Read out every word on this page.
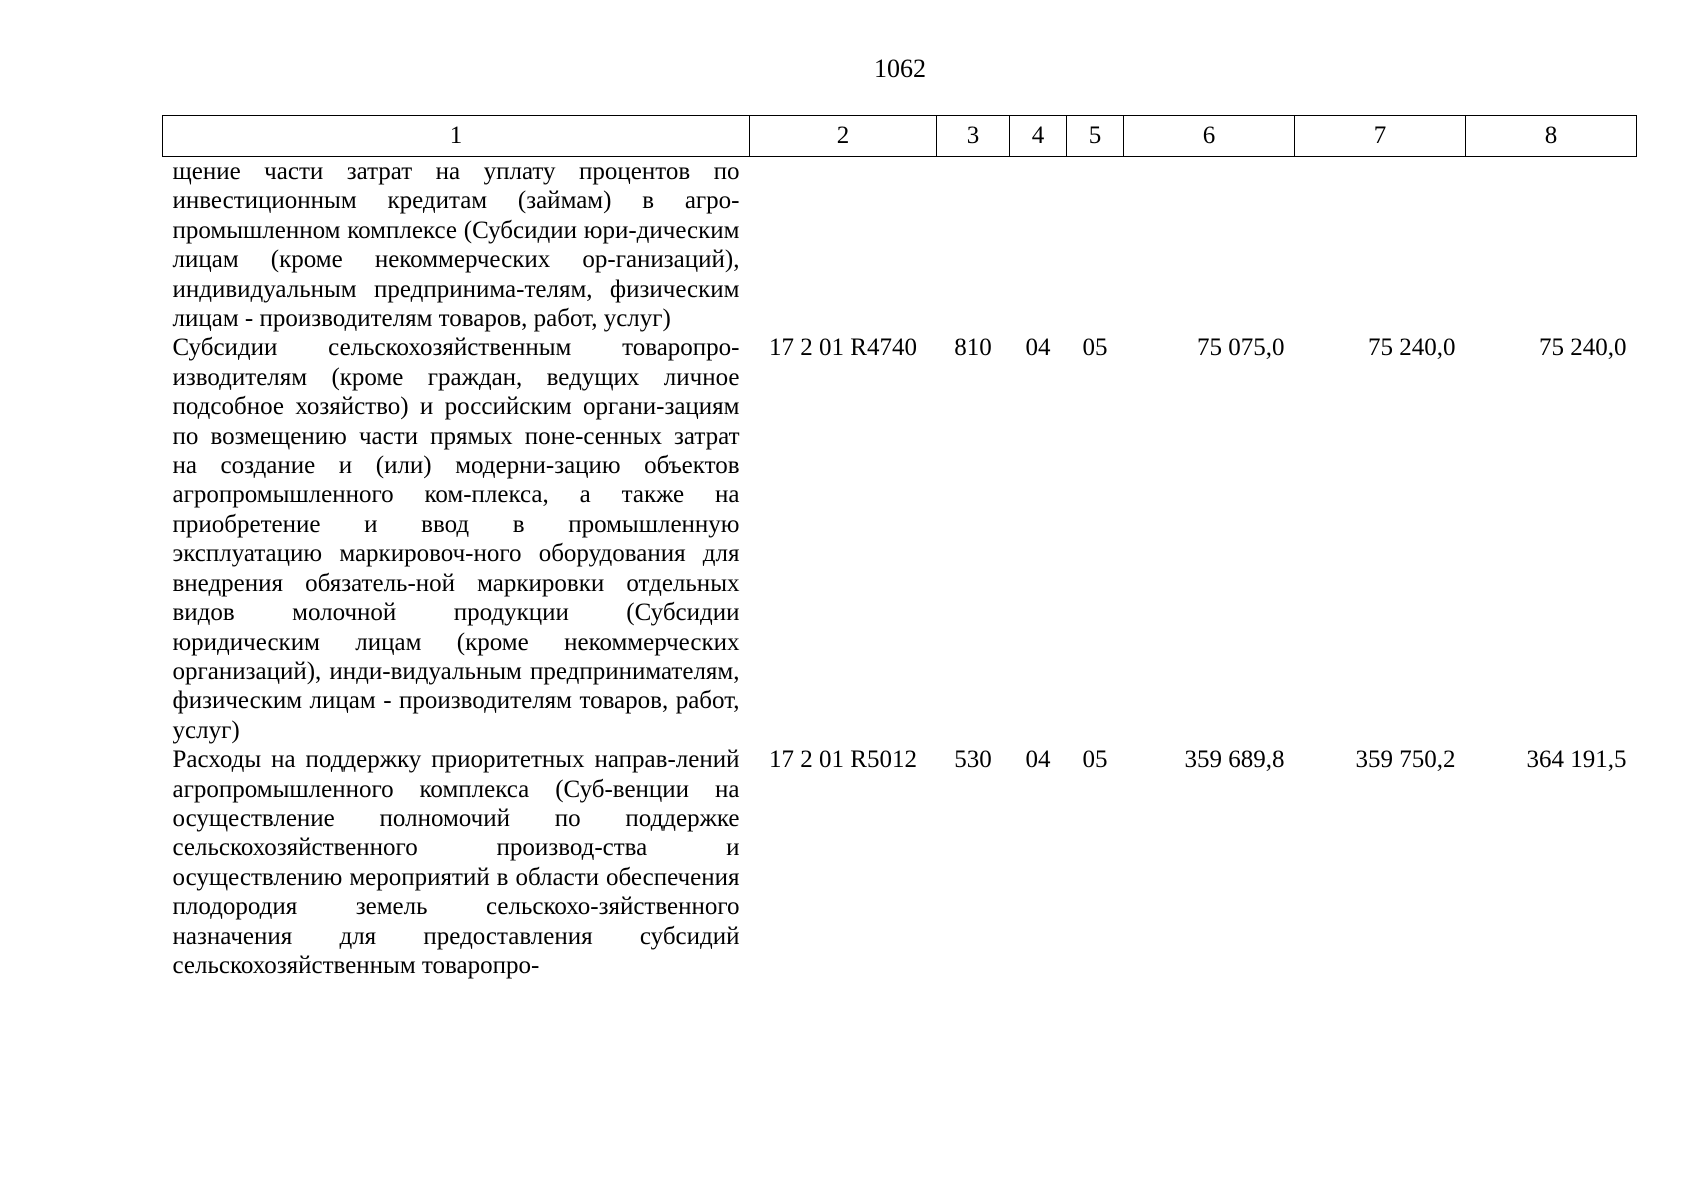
1062
1	2	3	4	5	6	7	8
щение части затрат на уплату процентов по инвестиционным кредитам (займам) в агро-промышленном комплексе (Субсидии юри-дическим лицам (кроме некоммерческих ор-ганизаций), индивидуальным предпринима-телям, физическим лицам - производителям товаров, работ, услуг)							
Субсидии сельскохозяйственным товаропро-изводителям (кроме граждан, ведущих личное подсобное хозяйство) и российским органи-зациям по возмещению части прямых поне-сенных затрат на создание и (или) модерни-зацию объектов агропромышленного ком-плекса, а также на приобретение и ввод в промышленную эксплуатацию маркировоч-ного оборудования для внедрения обязатель-ной маркировки отдельных видов молочной продукции (Субсидии юридическим лицам (кроме некоммерческих организаций), инди-видуальным предпринимателям, физическим лицам - производителям товаров, работ, услуг)	17 2 01 R4740	810	04	05	75 075,0	75 240,0	75 240,0
Расходы на поддержку приоритетных направ-лений агропромышленного комплекса (Суб-венции на осуществление полномочий по поддержке сельскохозяйственного производ-ства и осуществлению мероприятий в области обеспечения плодородия земель сельскохо-зяйственного назначения для предоставления субсидий сельскохозяйственным товаропро-	17 2 01 R5012	530	04	05	359 689,8	359 750,2	364 191,5
